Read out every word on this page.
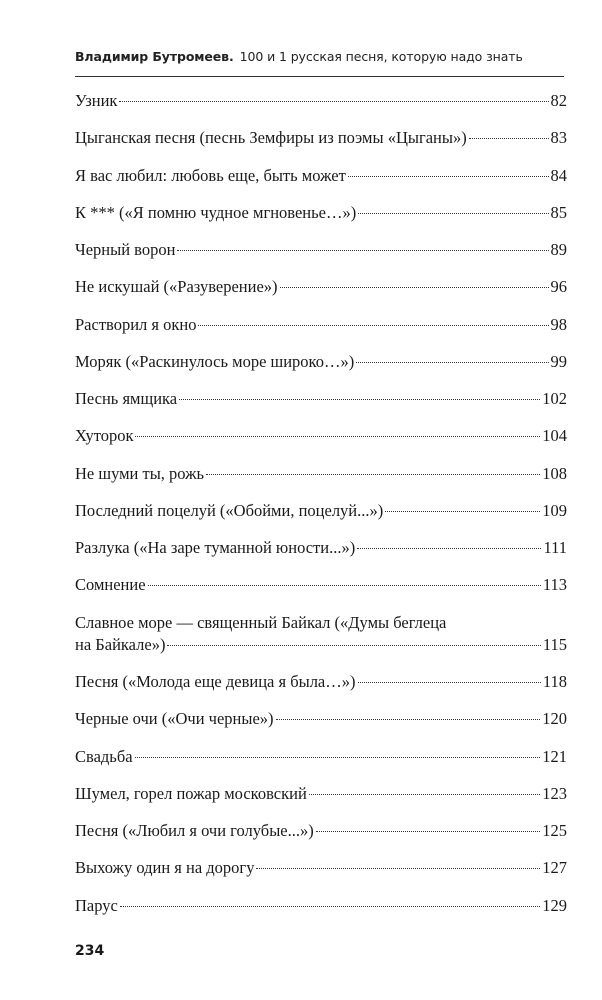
Владимир Бутромеев. 100 и 1 русская песня, которую надо знать
Узник	82
Цыганская песня (песнь Земфиры из поэмы «Цыганы»)	83
Я вас любил: любовь еще, быть может	84
К *** («Я помню чудное мгновенье…»)	85
Черный ворон	89
Не искушай («Разуверение»)	96
Растворил я окно	98
Моряк («Раскинулось море широко…»)	99
Песнь ямщика	102
Хуторок	104
Не шуми ты, рожь	108
Последний поцелуй («Обойми, поцелуй...»)	109
Разлука («На заре туманной юности...»)	111
Сомнение	113
Славное море — священный Байкал («Думы беглеца
на Байкале»)	115
Песня («Молода еще девица я была…»)	118
Черные очи («Очи черные»)	120
Свадьба	121
Шумел, горел пожар московский	123
Песня («Любил я очи голубые...»)	125
Выхожу один я на дорогу	127
Парус	129
234
